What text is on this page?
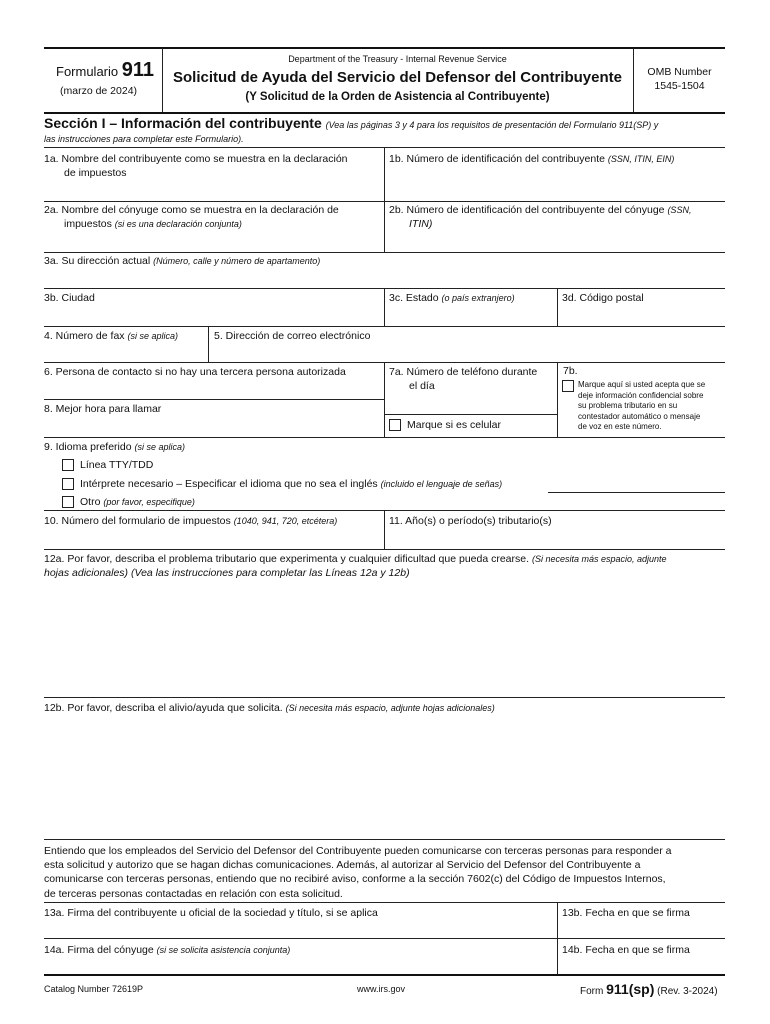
Formulario 911
(marzo de 2024)
Department of the Treasury - Internal Revenue Service
Solicitud de Ayuda del Servicio del Defensor del Contribuyente
(Y Solicitud de la Orden de Asistencia al Contribuyente)
OMB Number
1545-1504
Sección I – Información del contribuyente (Vea las páginas 3 y 4 para los requisitos de presentación del Formulario 911(SP) y
las instrucciones para completar este Formulario).
1a. Nombre del contribuyente como se muestra en la declaración
de impuestos
1b. Número de identificación del contribuyente (SSN, ITIN, EIN)
2a. Nombre del cónyuge como se muestra en la declaración de
impuestos (si es una declaración conjunta)
2b. Número de identificación del contribuyente del cónyuge (SSN,
ITIN)
3a. Su dirección actual (Número, calle y número de apartamento)
3b. Ciudad	3c. Estado (o país extranjero)	3d. Código postal
4. Número de fax (si se aplica)	5. Dirección de correo electrónico
6. Persona de contacto si no hay una tercera persona autorizada
8. Mejor hora para llamar
7a. Número de teléfono durante
el día
Marque si es celular
7b.
Marque aquí si usted acepta que se
deje información confidencial sobre
su problema tributario en su
contestador automático o mensaje
de voz en este número.
9. Idioma preferido (si se aplica)
Línea TTY/TDD
Intérprete necesario – Especificar el idioma que no sea el inglés (incluido el lenguaje de señas)
Otro (por favor, especifique)
10. Número del formulario de impuestos (1040, 941, 720, etcétera)	11. Año(s) o período(s) tributario(s)
12a. Por favor, describa el problema tributario que experimenta y cualquier dificultad que pueda crearse. (Si necesita más espacio, adjunte
hojas adicionales) (Vea las instrucciones para completar las Líneas 12a y 12b)
12b. Por favor, describa el alivio/ayuda que solicita. (Si necesita más espacio, adjunte hojas adicionales)
Entiendo que los empleados del Servicio del Defensor del Contribuyente pueden comunicarse con terceras personas para responder a
esta solicitud y autorizo que se hagan dichas comunicaciones. Además, al autorizar al Servicio del Defensor del Contribuyente a
comunicarse con terceras personas, entiendo que no recibiré aviso, conforme a la sección 7602(c) del Código de Impuestos Internos,
de terceras personas contactadas en relación con esta solicitud.
13a. Firma del contribuyente u oficial de la sociedad y título, si se aplica	13b. Fecha en que se firma
14a. Firma del cónyuge (si se solicita asistencia conjunta)	14b. Fecha en que se firma
Catalog Number 72619P	www.irs.gov	Form 911(sp) (Rev. 3-2024)
